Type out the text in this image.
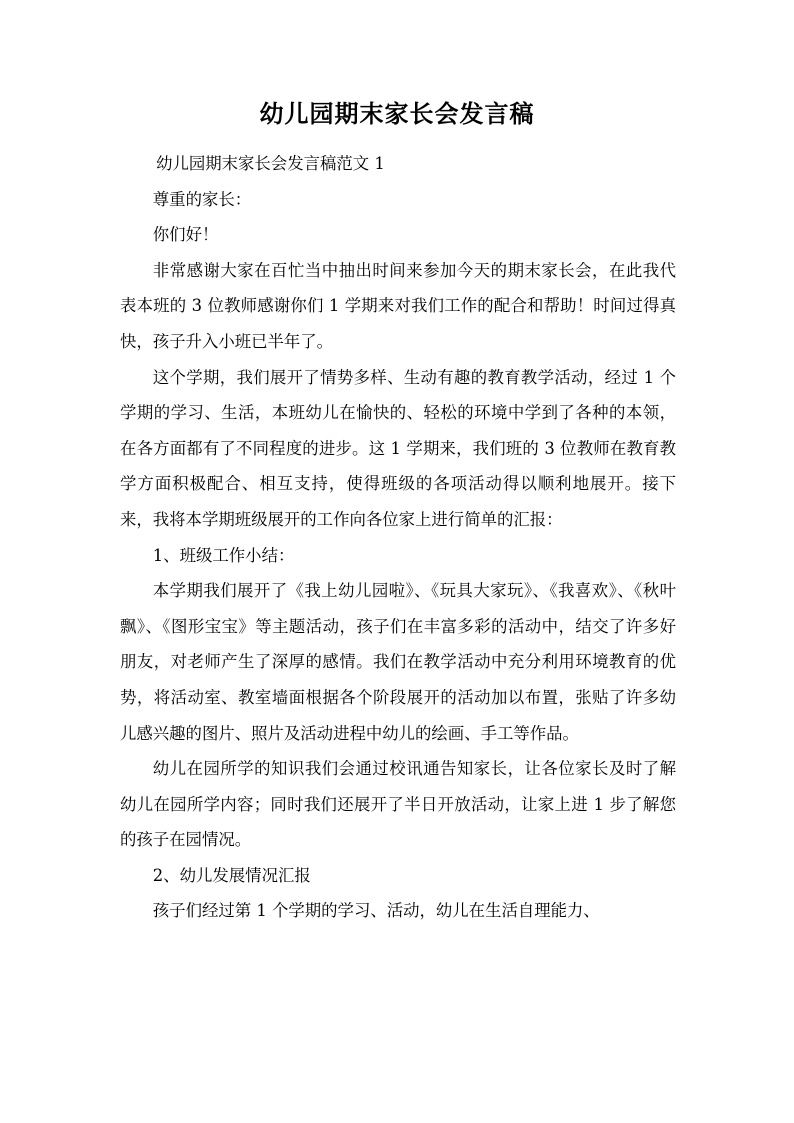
幼儿园期末家长会发言稿

幼儿园期末家长会发言稿范文 1

尊重的家长：

你们好！

非常感谢大家在百忙当中抽出时间来参加今天的期末家长会，在此我代表本班的 3 位教师感谢你们 1 学期来对我们工作的配合和帮助！时间过得真快，孩子升入小班已半年了。

这个学期，我们展开了情势多样、生动有趣的教育教学活动，经过 1 个学期的学习、生活，本班幼儿在愉快的、轻松的环境中学到了各种的本领，在各方面都有了不同程度的进步。这 1 学期来，我们班的 3 位教师在教育教学方面积极配合、相互支持，使得班级的各项活动得以顺利地展开。接下来，我将本学期班级展开的工作向各位家上进行简单的汇报：

1、班级工作小结：

本学期我们展开了《我上幼儿园啦》、《玩具大家玩》、《我喜欢》、《秋叶飘》、《图形宝宝》等主题活动，孩子们在丰富多彩的活动中，结交了许多好朋友，对老师产生了深厚的感情。我们在教学活动中充分利用环境教育的优势，将活动室、教室墙面根据各个阶段展开的活动加以布置，张贴了许多幼儿感兴趣的图片、照片及活动进程中幼儿的绘画、手工等作品。

幼儿在园所学的知识我们会通过校讯通告知家长，让各位家长及时了解幼儿在园所学内容；同时我们还展开了半日开放活动，让家上进 1 步了解您的孩子在园情况。

2、幼儿发展情况汇报

孩子们经过第 1 个学期的学习、活动，幼儿在生活自理能力、
